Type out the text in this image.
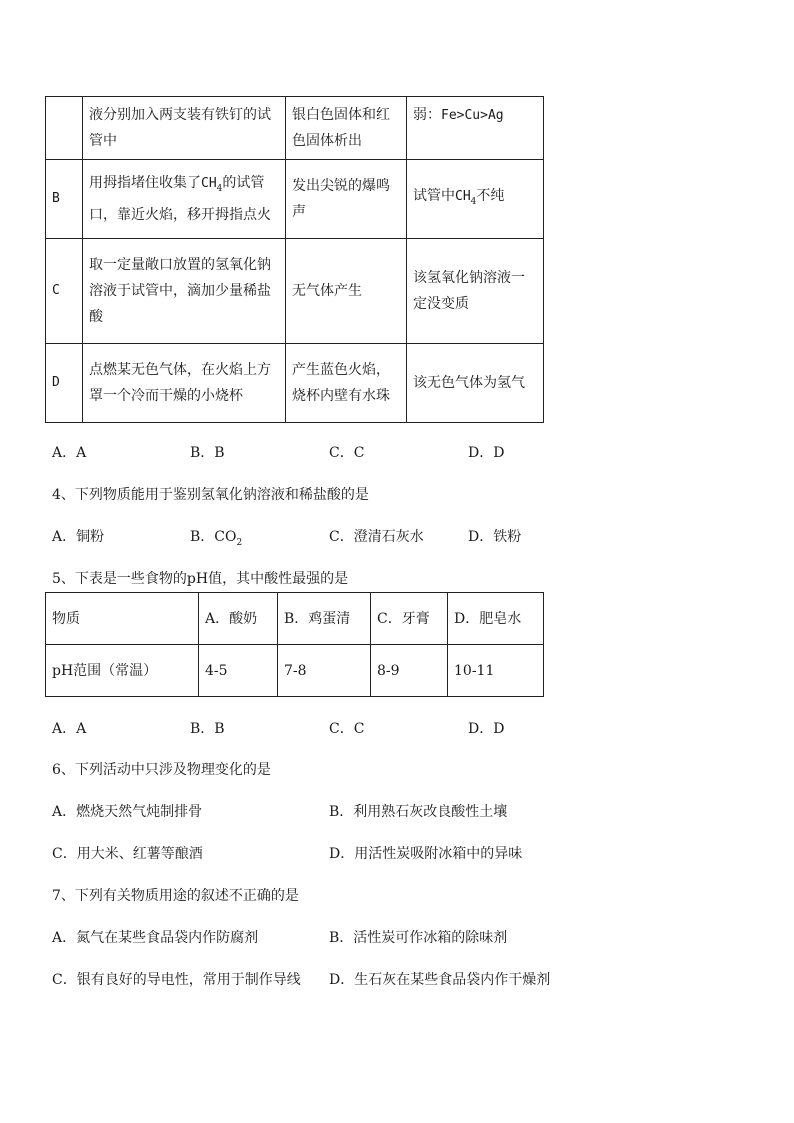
	液分别加入两支装有铁钉的试管中	银白色固体和红色固体析出	弱：Fe>Cu>Ag
B	用拇指堵住收集了$CH_4$的试管口，靠近火焰，移开拇指点火	发出尖锐的爆鸣声	试管中$CH_4$不纯
C	取一定量敞口放置的氢氧化钠溶液于试管中，滴加少量稀盐酸	无气体产生	该氢氧化钠溶液一定没变质
D	点燃某无色气体，在火焰上方罩一个冷而干燥的小烧杯	产生蓝色火焰，烧杯内壁有水珠	该无色气体为氢气
A．A	B．B	C．C	D．D
4、下列物质能用于鉴别氢氧化钠溶液和稀盐酸的是
A．铜粉	B．$CO_2$	C．澄清石灰水	D．铁粉
5、下表是一些食物的pH值，其中酸性最强的是
物质	A．酸奶	B．鸡蛋清	C．牙膏	D．肥皂水
pH范围（常温）	4-5	7-8	8-9	10-11
A．A	B．B	C．C	D．D
6、下列活动中只涉及物理变化的是
A．燃烧天然气炖制排骨	B．利用熟石灰改良酸性土壤
C．用大米、红薯等酿酒	D．用活性炭吸附冰箱中的异味
7、下列有关物质用途的叙述不正确的是
A．氮气在某些食品袋内作防腐剂	B．活性炭可作冰箱的除味剂
C．银有良好的导电性，常用于制作导线 D．生石灰在某些食品袋内作干燥剂
